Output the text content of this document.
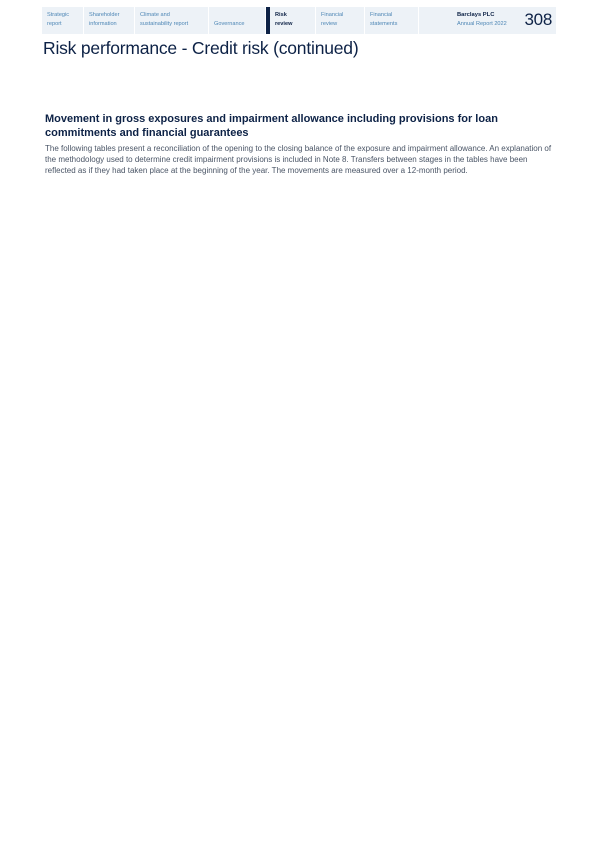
Strategic
report
Shareholder
information
Climate and
sustainability report
	Governance
Risk
review
Financial
review
Financial
statements
Barclays PLC
Annual Report 2022	308
Risk performance - Credit risk (continued)
Movement in gross exposures and impairment allowance including provisions for loan commitments and financial guarantees

The following tables present a reconciliation of the opening to the closing balance of the exposure and impairment allowance. An explanation of the methodology used to determine credit impairment provisions is included in Note 8. Transfers between stages in the tables have been reflected as if they had taken place at the beginning of the year. The movements are measured over a 12-month period.
